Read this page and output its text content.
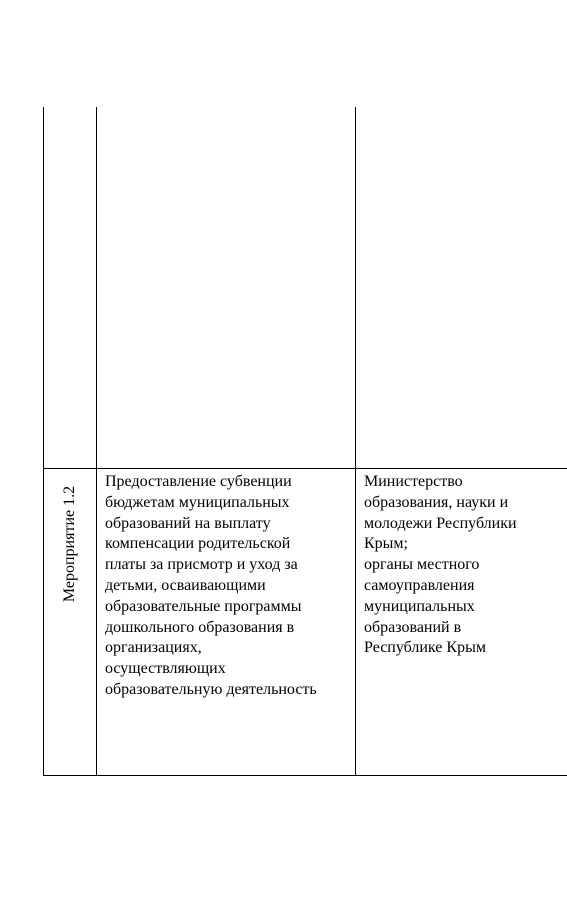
Мероприятие 1.2
Предоставление субвенции
бюджетам муниципальных
образований на выплату
компенсации родительской
платы за присмотр и уход за
детьми, осваивающими
образовательные программы
дошкольного образования в
организациях,
осуществляющих
образовательную деятельность
Министерство
образования, науки и
молодежи Республики
Крым;
органы местного
самоуправления
муниципальных
образований в
Республике Крым
